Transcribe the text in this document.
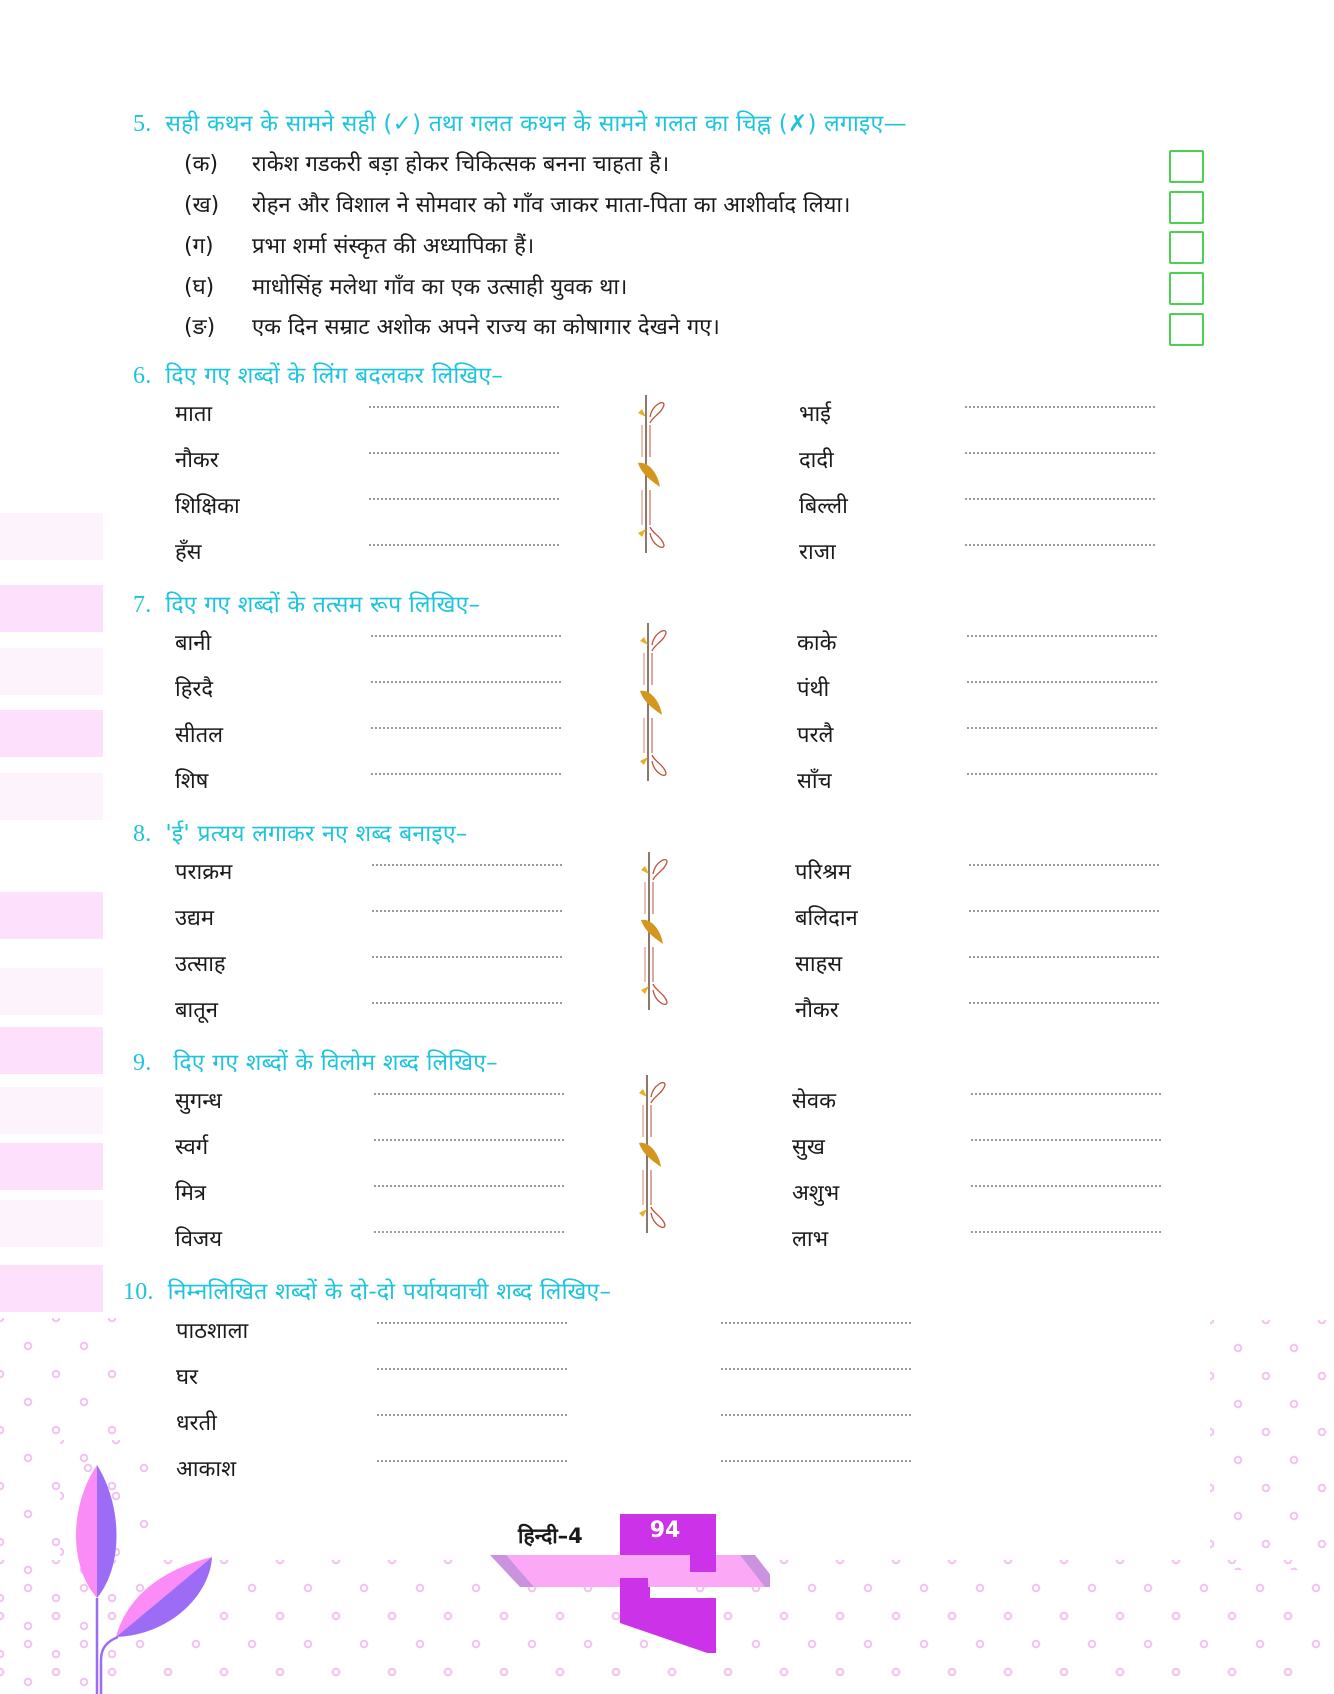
5. सही कथन के सामने सही (✓) तथा गलत कथन के सामने गलत का चिह्न (✗) लगाइए—
(क) राकेश गडकरी बड़ा होकर चिकित्सक बनना चाहता है।
(ख) रोहन और विशाल ने सोमवार को गाँव जाकर माता-पिता का आशीर्वाद लिया।
(ग) प्रभा शर्मा संस्कृत की अध्यापिका हैं।
(घ) माधोसिंह मलेथा गाँव का एक उत्साही युवक था।
(ङ) एक दिन सम्राट अशोक अपने राज्य का कोषागार देखने गए।
6. दिए गए शब्दों के लिंग बदलकर लिखिए–
माता
नौकर
शिक्षिका
हँस
भाई
दादी
बिल्ली
राजा
7. दिए गए शब्दों के तत्सम रूप लिखिए–
बानी
हिरदै
सीतल
शिष
काके
पंथी
परलै
साँच
8. 'ई' प्रत्यय लगाकर नए शब्द बनाइए–
पराक्रम
उद्यम
उत्साह
बातून
परिश्रम
बलिदान
साहस
नौकर
9. दिए गए शब्दों के विलोम शब्द लिखिए–
सुगन्ध
स्वर्ग
मित्र
विजय
सेवक
सुख
अशुभ
लाभ
10. निम्नलिखित शब्दों के दो-दो पर्यायवाची शब्द लिखिए–
पाठशाला
घर
धरती
आकाश
हिन्दी–4	94
